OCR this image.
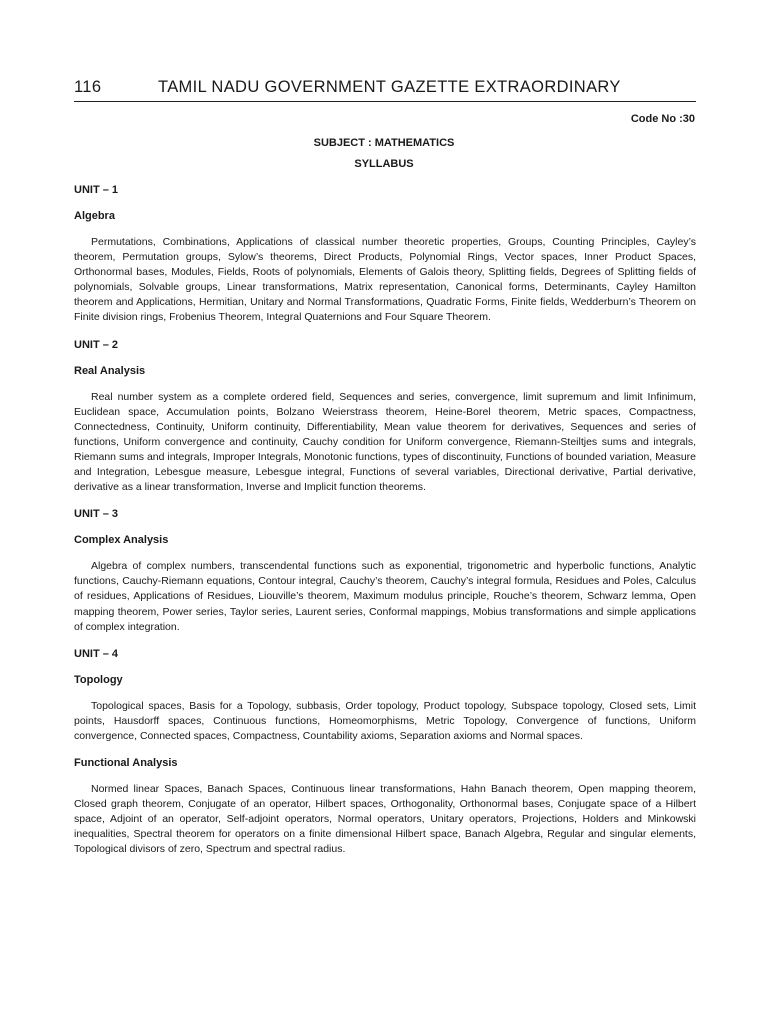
116	TAMIL NADU GOVERNMENT GAZETTE EXTRAORDINARY
Code No :30
SUBJECT : MATHEMATICS
SYLLABUS
UNIT – 1
Algebra

Permutations, Combinations, Applications of classical number theoretic properties, Groups, Counting Principles, Cayley’s theorem, Permutation groups, Sylow’s theorems, Direct Products, Polynomial Rings, Vector spaces, Inner Product Spaces, Orthonormal bases, Modules, Fields, Roots of polynomials, Elements of Galois theory, Splitting fields, Degrees of Splitting fields of polynomials, Solvable groups, Linear transformations, Matrix representation, Canonical forms, Determinants, Cayley Hamilton theorem and Applications, Hermitian, Unitary and Normal Transformations, Quadratic Forms, Finite fields, Wedderburn’s Theorem on Finite division rings, Frobenius Theorem, Integral Quaternions and Four Square Theorem.

UNIT – 2
Real Analysis

Real number system as a complete ordered field, Sequences and series, convergence, limit supremum and limit Infinimum, Euclidean space, Accumulation points, Bolzano Weierstrass theorem, Heine-Borel theorem, Metric spaces, Compactness, Connectedness, Continuity, Uniform continuity, Differentiability, Mean value theorem for derivatives, Sequences and series of functions, Uniform convergence and continuity, Cauchy condition for Uniform convergence, Riemann-Steiltjes sums and integrals, Riemann sums and integrals, Improper Integrals, Monotonic functions, types of discontinuity, Functions of bounded variation, Measure and Integration, Lebesgue measure, Lebesgue integral, Functions of several variables, Directional derivative, Partial derivative, derivative as a linear transformation, Inverse and Implicit function theorems.

UNIT – 3
Complex Analysis

Algebra of complex numbers, transcendental functions such as exponential, trigonometric and hyperbolic functions, Analytic functions, Cauchy-Riemann equations, Contour integral, Cauchy’s theorem, Cauchy’s integral formula, Residues and Poles, Calculus of residues, Applications of Residues, Liouville’s theorem, Maximum modulus principle, Rouche’s theorem, Schwarz lemma, Open mapping theorem, Power series, Taylor series, Laurent series, Conformal mappings, Mobius transformations and simple applications of complex integration.

UNIT – 4
Topology

Topological spaces, Basis for a Topology, subbasis, Order topology, Product topology, Subspace topology, Closed sets, Limit points, Hausdorff spaces, Continuous functions, Homeomorphisms, Metric Topology, Convergence of functions, Uniform convergence, Connected spaces, Compactness, Countability axioms, Separation axioms and Normal spaces.

Functional Analysis

Normed linear Spaces, Banach Spaces, Continuous linear transformations, Hahn Banach theorem, Open mapping theorem, Closed graph theorem, Conjugate of an operator, Hilbert spaces, Orthogonality, Orthonormal bases, Conjugate space of a Hilbert space, Adjoint of an operator, Self-adjoint operators, Normal operators, Unitary operators, Projections, Holders and Minkowski inequalities, Spectral theorem for operators on a finite dimensional Hilbert space, Banach Algebra, Regular and singular elements, Topological divisors of zero, Spectrum and spectral radius.
